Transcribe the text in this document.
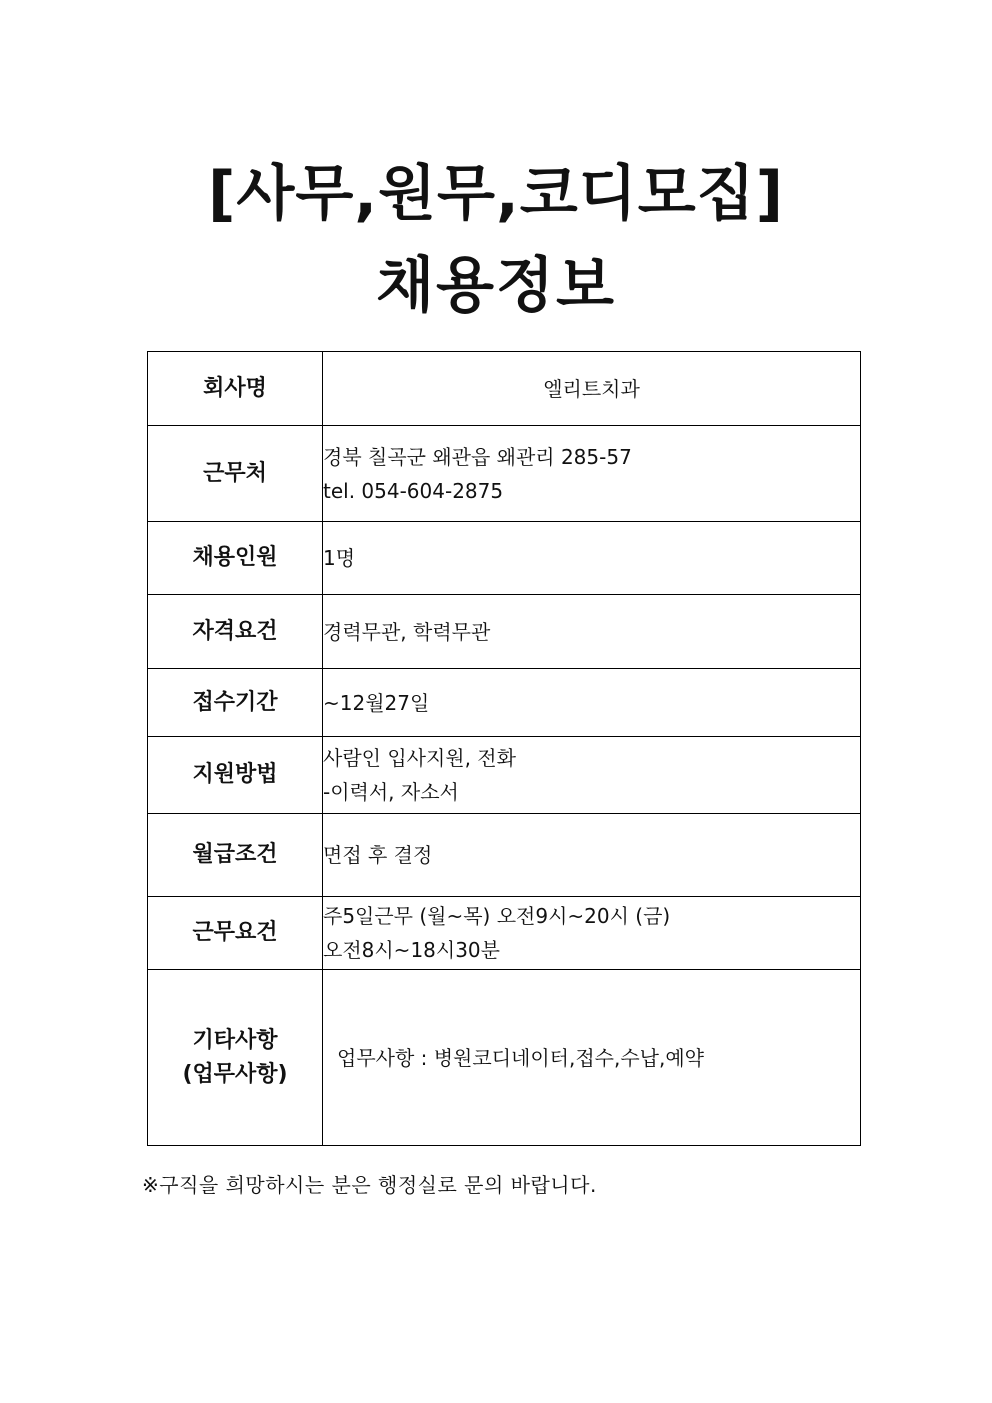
[사무,원무,코디모집]
채용정보
회사명	엘리트치과

근무처	경북 칠곡군 왜관읍 왜관리 285-57
tel. 054-604-2875

채용인원	1명

자격요건	경력무관, 학력무관

접수기간	~12월27일

지원방법	사람인 입사지원, 전화
-이력서, 자소서

월급조건	면접 후 결정

근무요건	주5일근무 (월~목) 오전9시~20시 (금)
오전8시~18시30분

기타사항
(업무사항)	업무사항 : 병원코디네이터,접수,수납,예약
※구직을 희망하시는 분은 행정실로 문의 바랍니다.
